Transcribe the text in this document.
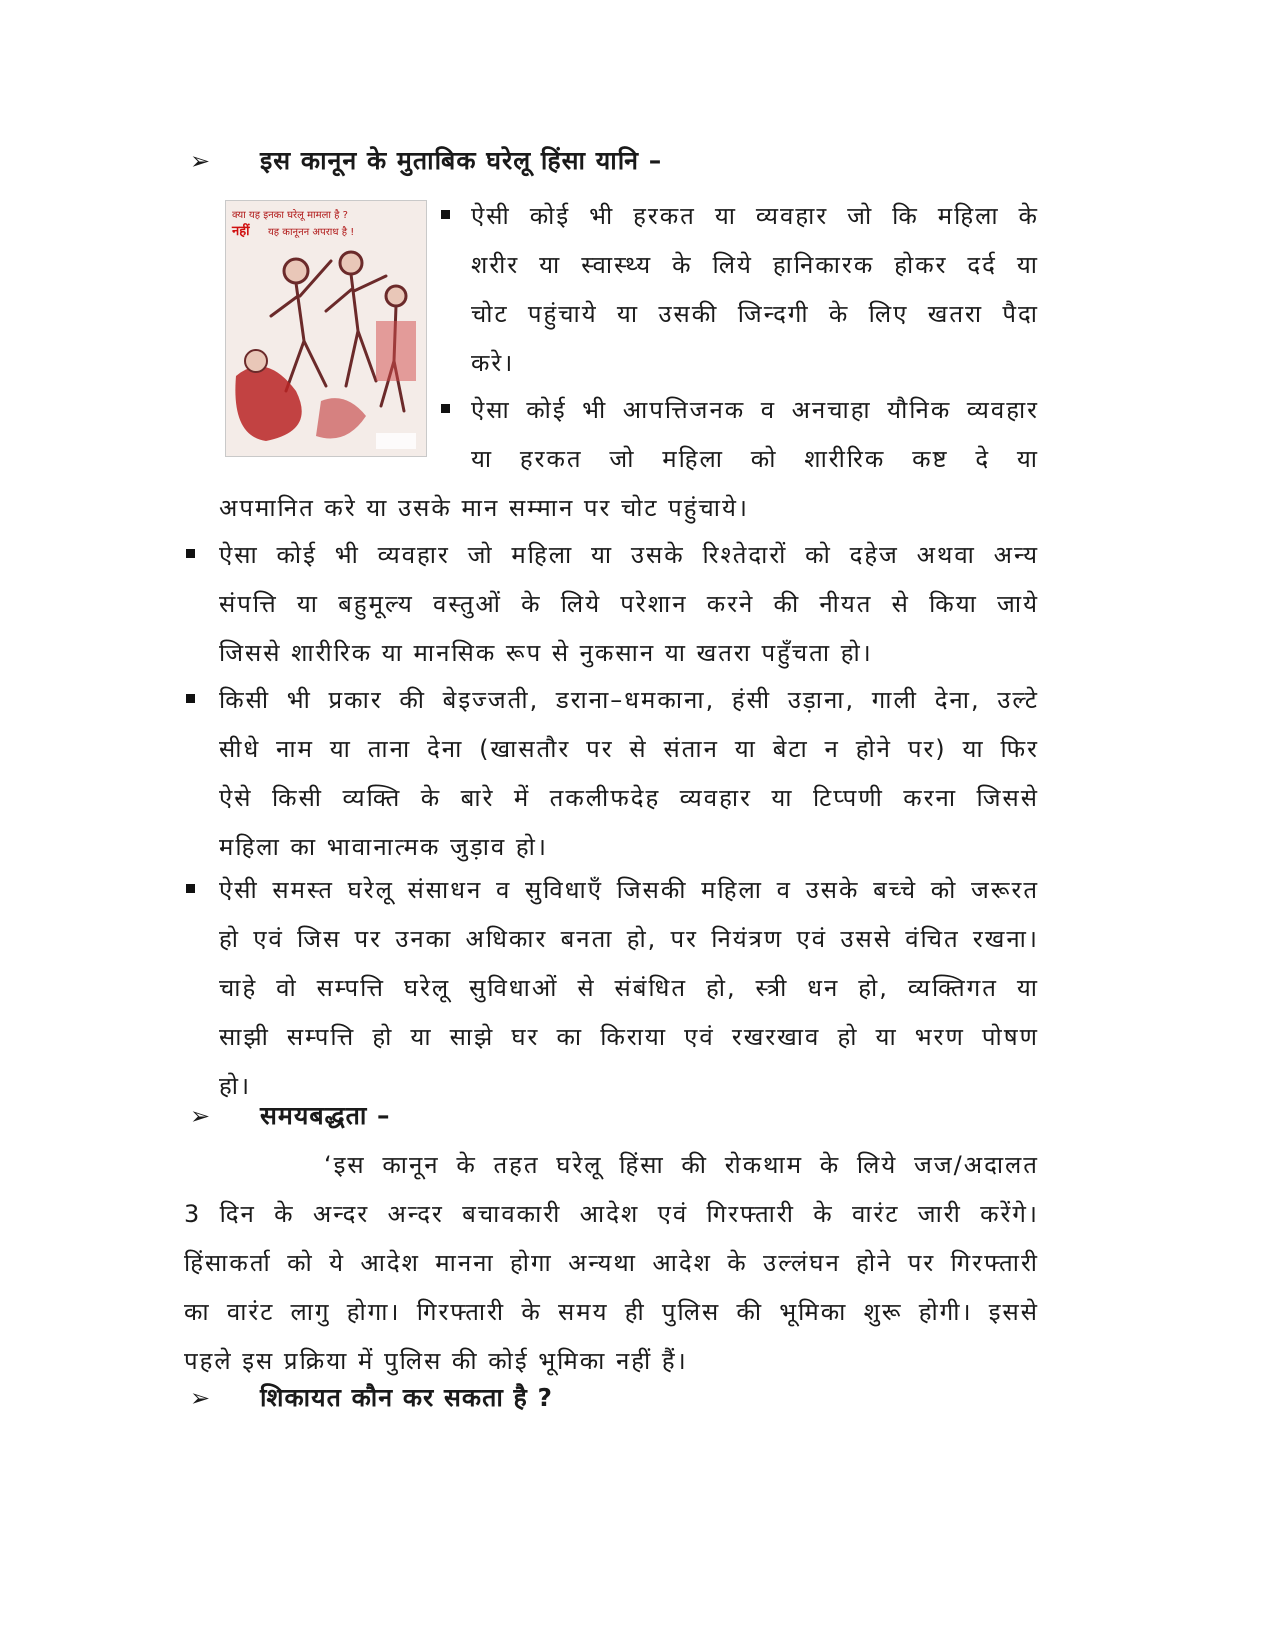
➢ इस कानून के मुताबिक घरेलू हिंसा यानि –
क्या यह इनका घरेलू मामला है ?
नहीं यह कानूनन अपराध है !
ऐसी कोई भी हरकत या व्यवहार जो कि महिला के
शरीर या स्वास्थ्य के लिये हानिकारक होकर दर्द या
चोट पहुंचाये या उसकी जिन्दगी के लिए खतरा पैदा
करे।
ऐसा कोई भी आपत्तिजनक व अनचाहा यौनिक व्यवहार
या हरकत जो महिला को शारीरिक कष्ट दे या
अपमानित करे या उसके मान सम्मान पर चोट पहुंचाये।
ऐसा कोई भी व्यवहार जो महिला या उसके रिश्तेदारों को दहेज अथवा अन्य
संपत्ति या बहुमूल्य वस्तुओं के लिये परेशान करने की नीयत से किया जाये
जिससे शारीरिक या मानसिक रूप से नुकसान या खतरा पहुँचता हो।
किसी भी प्रकार की बेइज्जती, डराना–धमकाना, हंसी उड़ाना, गाली देना, उल्टे
सीधे नाम या ताना देना (खासतौर पर से संतान या बेटा न होने पर) या फिर
ऐसे किसी व्यक्ति के बारे में तकलीफदेह व्यवहार या टिप्पणी करना जिससे
महिला का भावानात्मक जुड़ाव हो।
ऐसी समस्त घरेलू संसाधन व सुविधाएँ जिसकी महिला व उसके बच्चे को जरूरत
हो एवं जिस पर उनका अधिकार बनता हो, पर नियंत्रण एवं उससे वंचित रखना।
चाहे वो सम्पत्ति घरेलू सुविधाओं से संबंधित हो, स्त्री धन हो, व्यक्तिगत या
साझी सम्पत्ति हो या साझे घर का किराया एवं रखरखाव हो या भरण पोषण
हो।
➢ समयबद्धता –
‘इस कानून के तहत घरेलू हिंसा की रोकथाम के लिये जज/अदालत
3 दिन के अन्दर अन्दर बचावकारी आदेश एवं गिरफ्तारी के वारंट जारी करेंगे।
हिंसाकर्ता को ये आदेश मानना होगा अन्यथा आदेश के उल्लंघन होने पर गिरफ्तारी
का वारंट लागु होगा। गिरफ्तारी के समय ही पुलिस की भूमिका शुरू होगी। इससे
पहले इस प्रक्रिया में पुलिस की कोई भूमिका नहीं हैं।
➢ शिकायत कौन कर सकता है ?
